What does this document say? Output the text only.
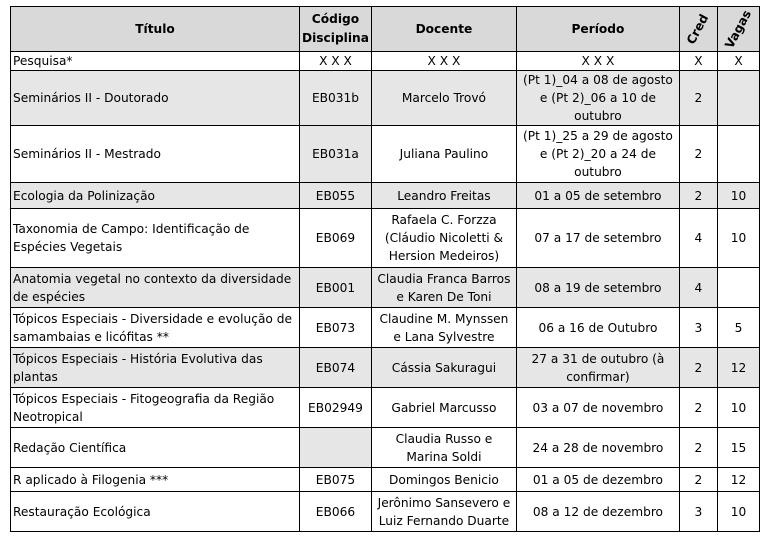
Título	Código Disciplina	Docente	Período	Cred	Vagas
Pesquisa*	X X X	X X X	X X X	X	X
Seminários II - Doutorado	EB031b	Marcelo Trovó	(Pt 1)_04 a 08 de agosto e (Pt 2)_06 a 10 de outubro	2	
Seminários II - Mestrado	EB031a	Juliana Paulino	(Pt 1)_25 a 29 de agosto e (Pt 2)_20 a 24 de outubro	2	
Ecologia da Polinização	EB055	Leandro Freitas	01 a 05 de setembro	2	10
Taxonomia de Campo: Identificação de Espécies Vegetais	EB069	Rafaela C. Forzza (Cláudio Nicoletti & Hersion Medeiros)	07 a 17 de setembro	4	10
Anatomia vegetal no contexto da diversidade de espécies	EB001	Claudia Franca Barros e Karen De Toni	08 a 19 de setembro	4	
Tópicos Especiais - Diversidade e evolução de samambaias e licófitas **	EB073	Claudine M. Mynssen e Lana Sylvestre	06 a 16 de Outubro	3	5
Tópicos Especiais - História Evolutiva das plantas	EB074	Cássia Sakuragui	27 a 31 de outubro (à confirmar)	2	12
Tópicos Especiais - Fitogeografia da Região Neotropical	EB02949	Gabriel Marcusso	03 a 07 de novembro	2	10
Redação Científica		Claudia Russo e Marina Soldi	24 a 28 de novembro	2	15
R aplicado à Filogenia ***	EB075	Domingos Benicio	01 a 05 de dezembro	2	12
Restauração Ecológica	EB066	Jerônimo Sansevero e Luiz Fernando Duarte	08 a 12 de dezembro	3	10
